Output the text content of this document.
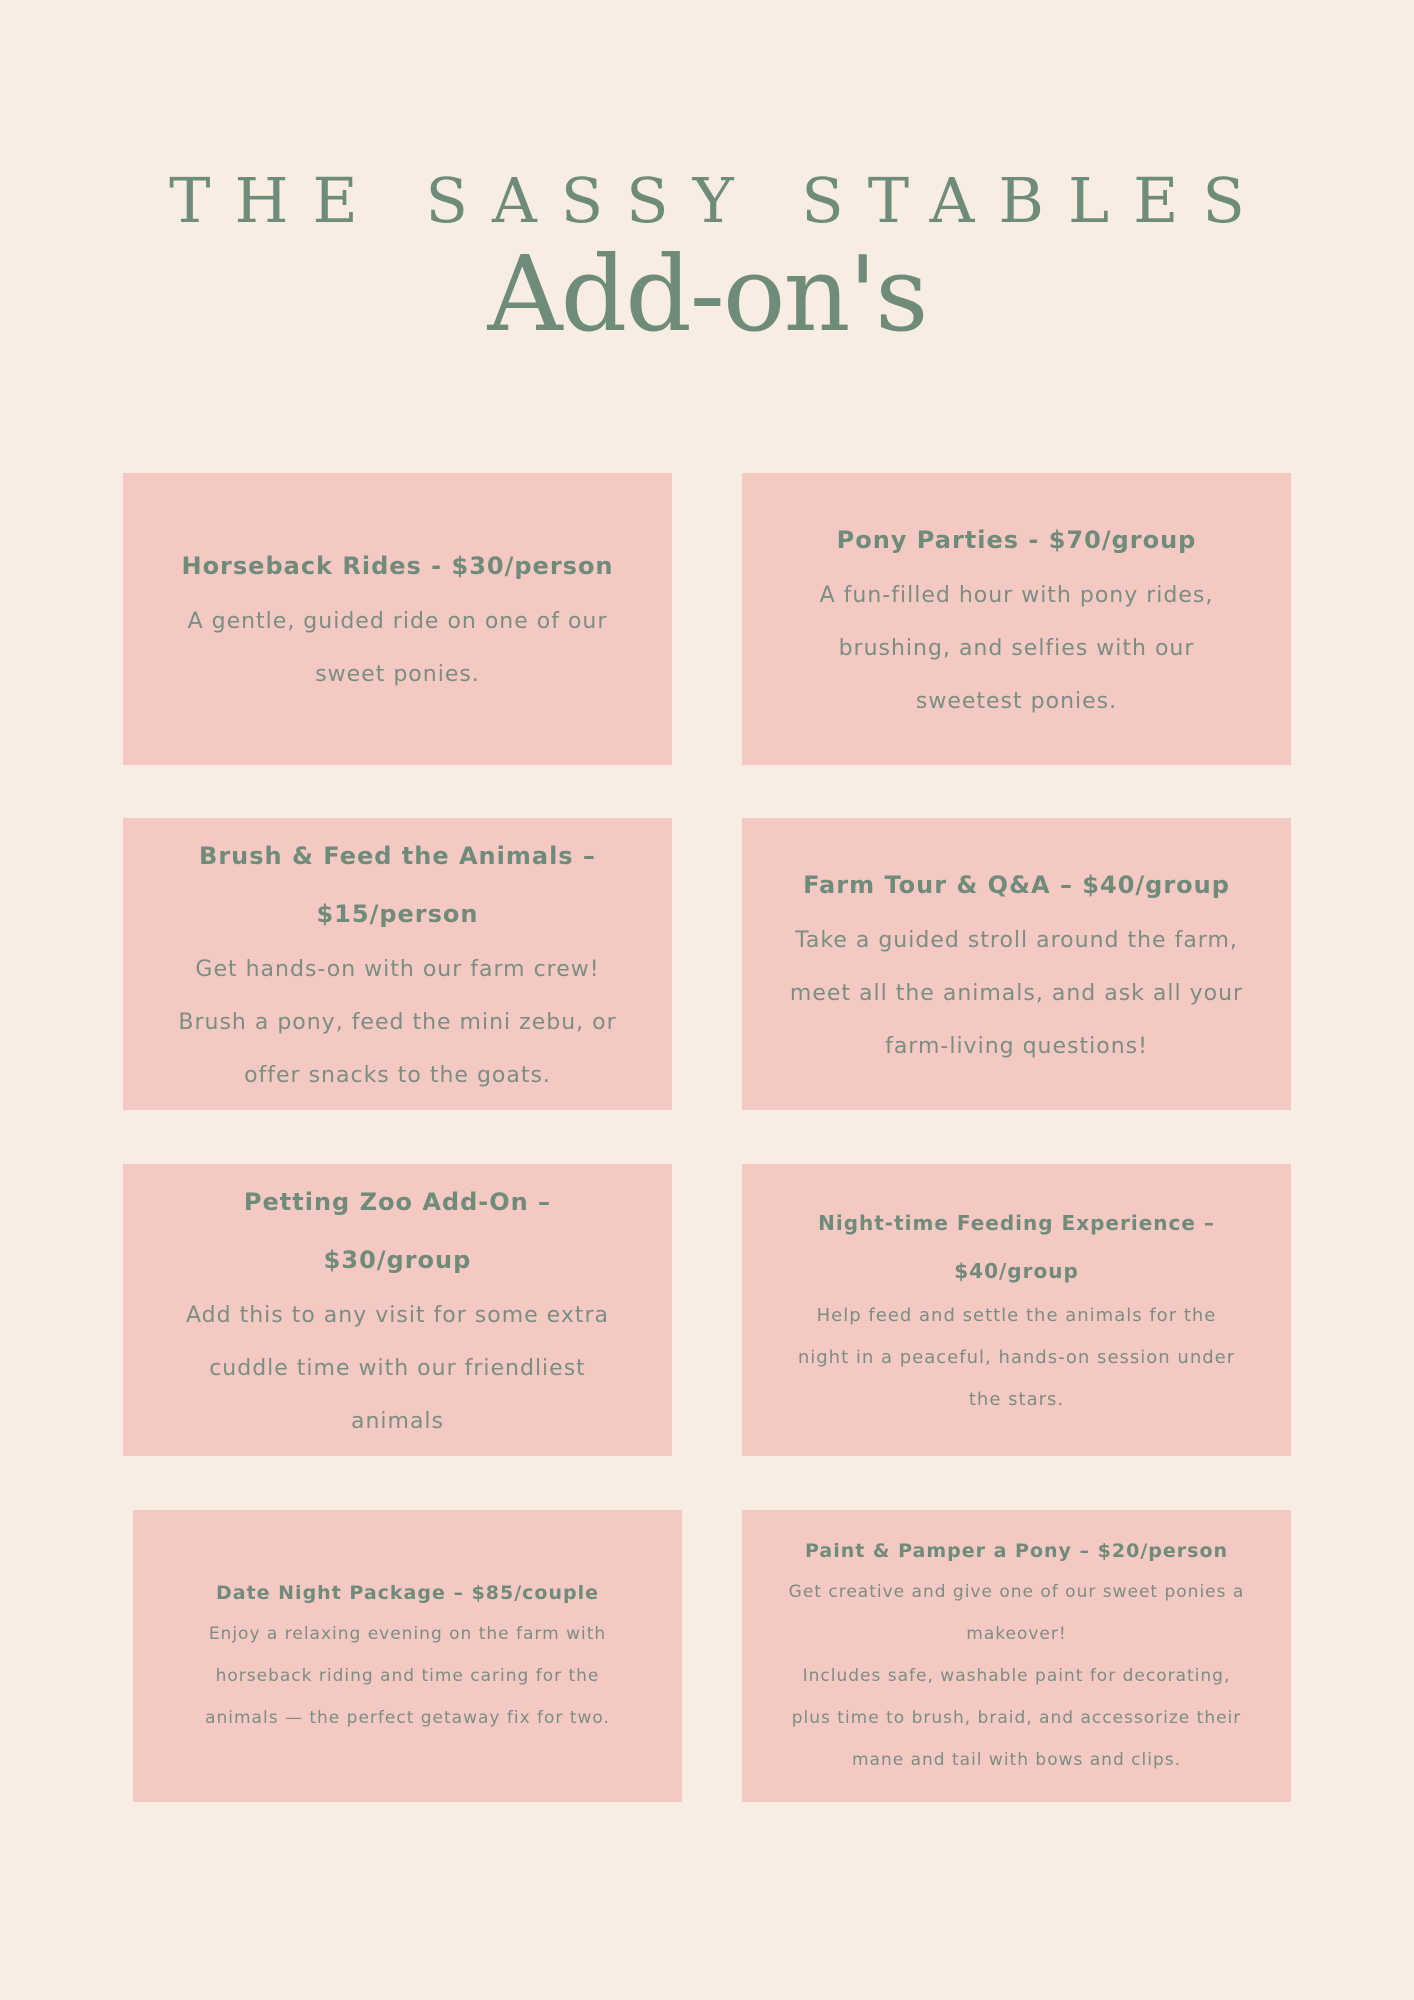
THE SASSY STABLES
Add-on's
Horseback Rides - $30/person
A gentle, guided ride on one of our sweet ponies.
Pony Parties - $70/group
A fun-filled hour with pony rides, brushing, and selfies with our sweetest ponies.
Brush & Feed the Animals – $15/person
Get hands-on with our farm crew! Brush a pony, feed the mini zebu, or offer snacks to the goats.
Farm Tour & Q&A – $40/group
Take a guided stroll around the farm, meet all the animals, and ask all your farm-living questions!
Petting Zoo Add-On – $30/group
Add this to any visit for some extra cuddle time with our friendliest animals
Night-time Feeding Experience – $40/group
Help feed and settle the animals for the night in a peaceful, hands-on session under the stars.
Date Night Package – $85/couple
Enjoy a relaxing evening on the farm with horseback riding and time caring for the animals — the perfect getaway fix for two.
Paint & Pamper a Pony – $20/person
Get creative and give one of our sweet ponies a makeover!
Includes safe, washable paint for decorating, plus time to brush, braid, and accessorize their mane and tail with bows and clips.
